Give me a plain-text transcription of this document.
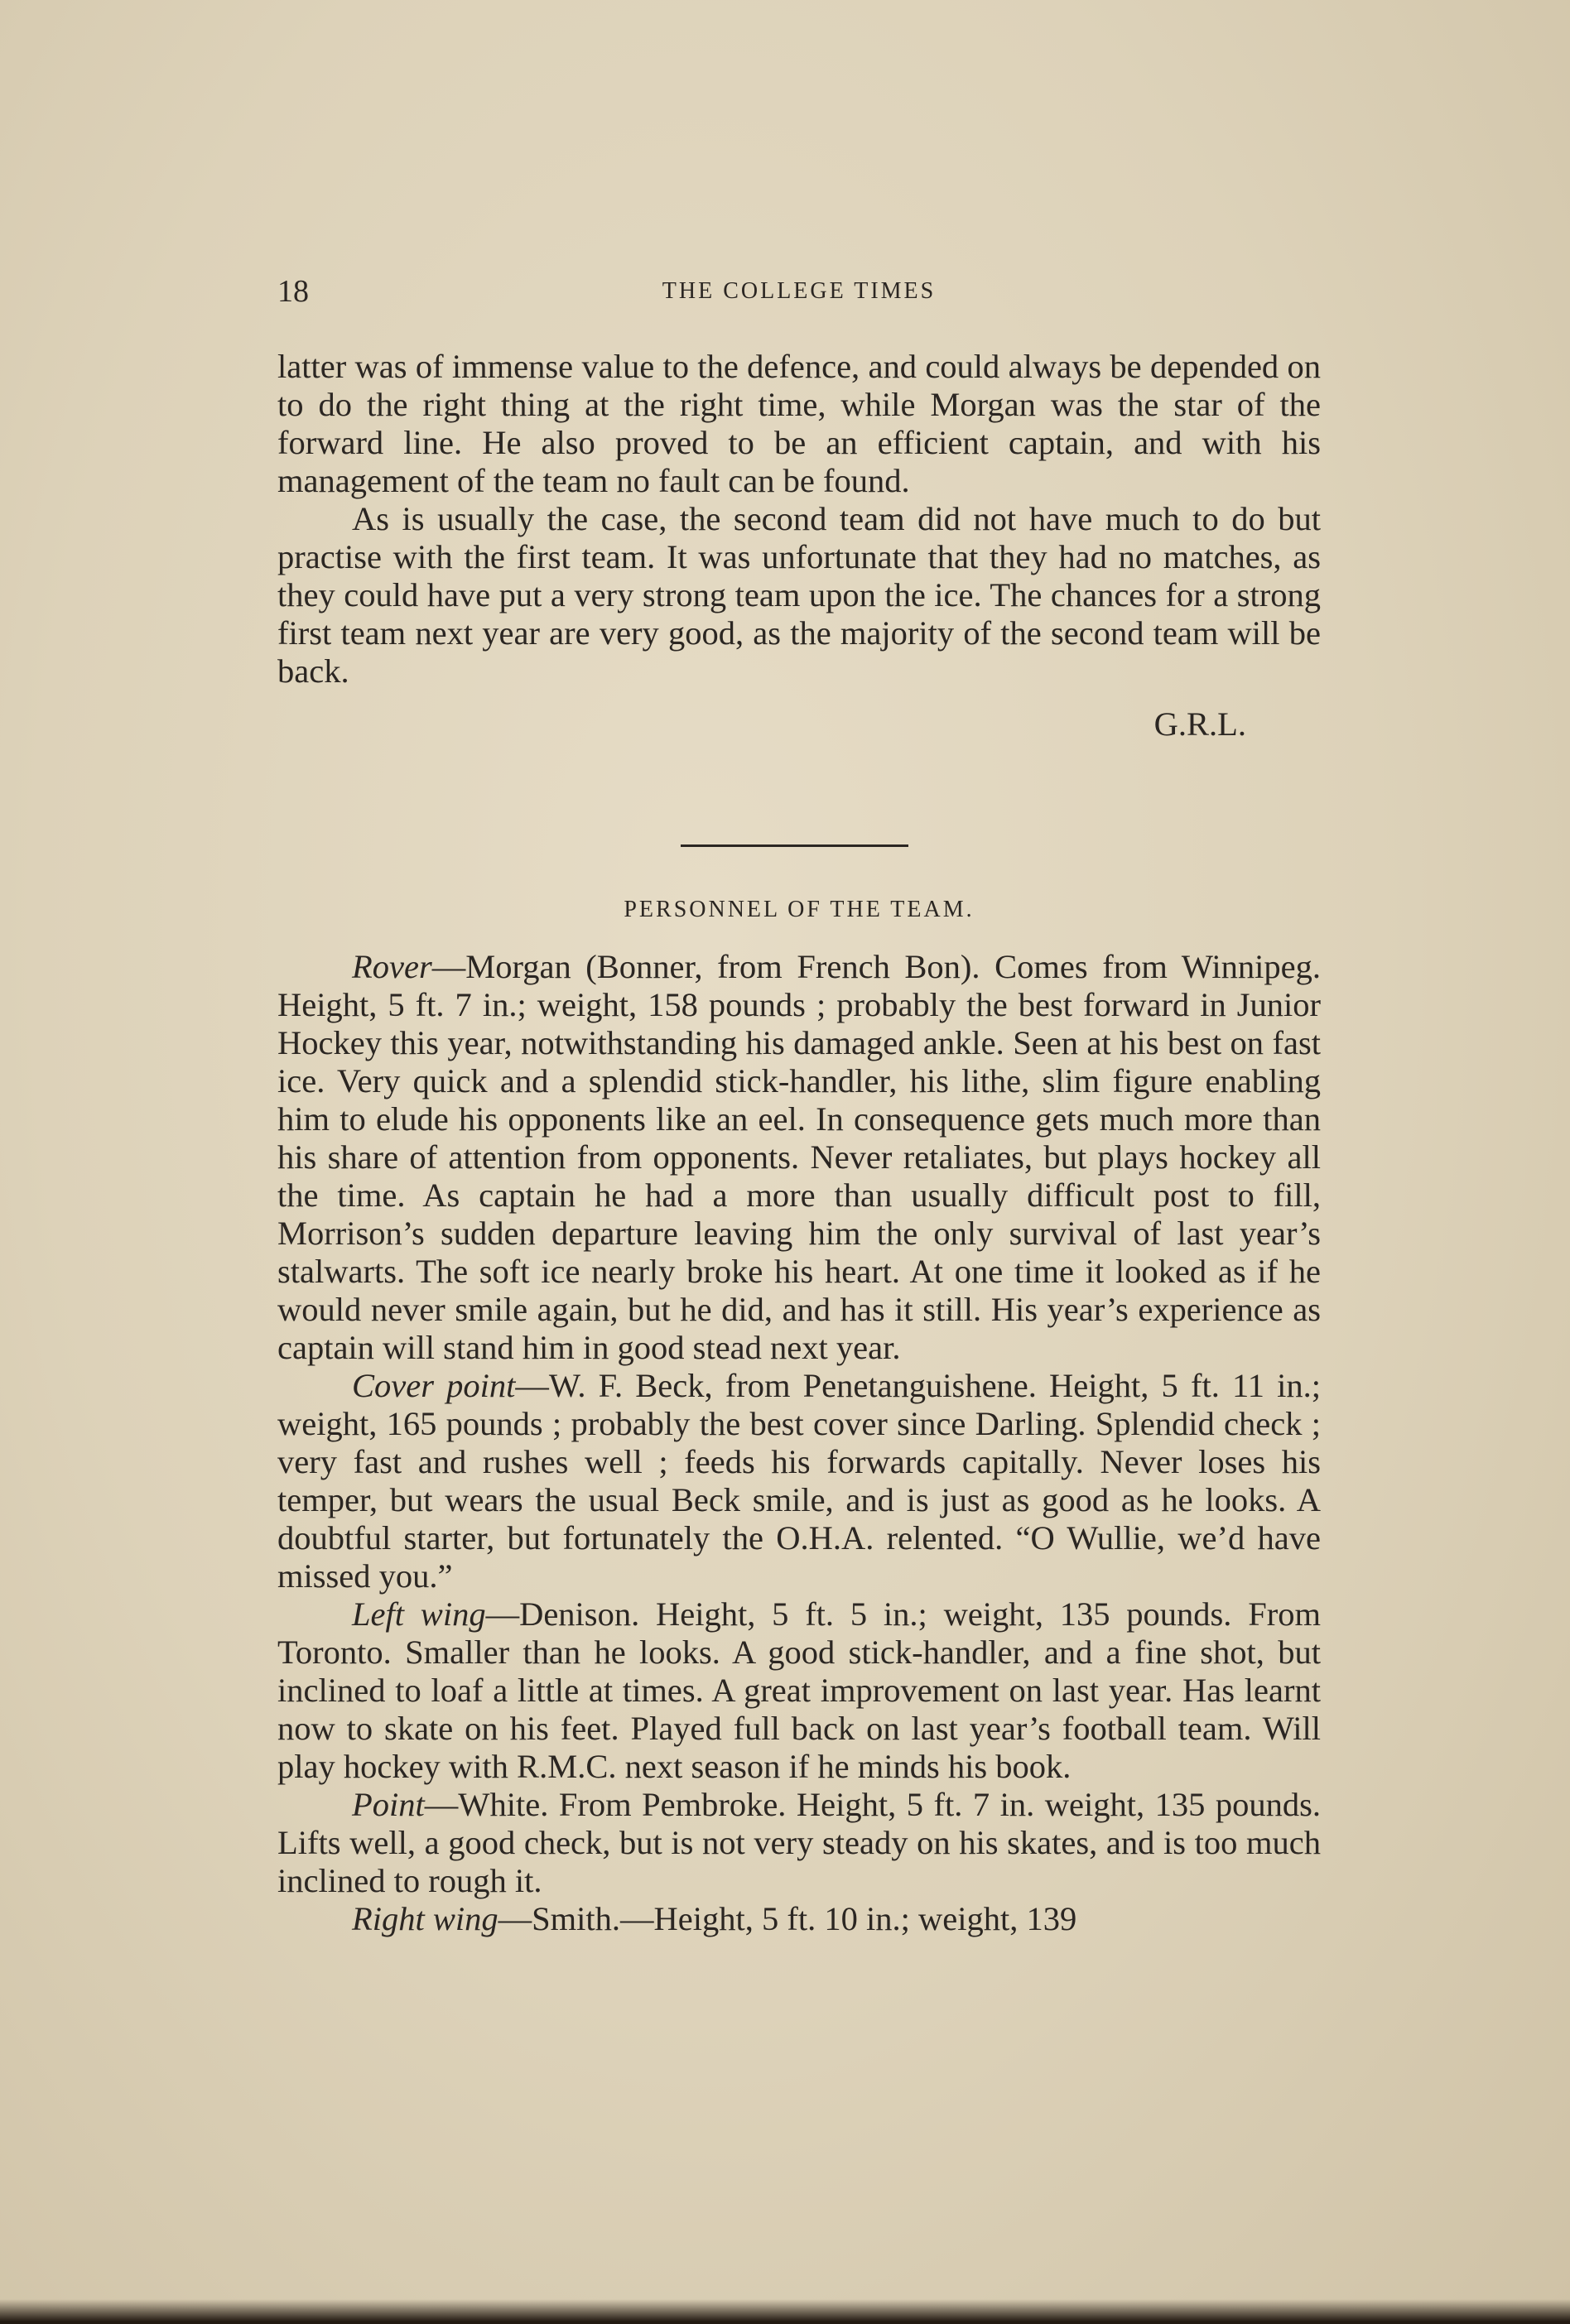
18	THE COLLEGE TIMES

latter was of immense value to the defence, and could always be depended on to do the right thing at the right time, while Morgan was the star of the forward line. He also proved to be an efficient captain, and with his management of the team no fault can be found.

As is usually the case, the second team did not have much to do but practise with the first team. It was unfortunate that they had no matches, as they could have put a very strong team upon the ice. The chances for a strong first team next year are very good, as the majority of the second team will be back.

G.R.L.

PERSONNEL OF THE TEAM.

Rover—Morgan (Bonner, from French Bon). Comes from Winnipeg. Height, 5 ft. 7 in.; weight, 158 pounds ; probably the best forward in Junior Hockey this year, notwithstanding his damaged ankle. Seen at his best on fast ice. Very quick and a splendid stick-handler, his lithe, slim figure enabling him to elude his opponents like an eel. In consequence gets much more than his share of attention from opponents. Never retaliates, but plays hockey all the time. As captain he had a more than usually difficult post to fill, Morrison’s sudden departure leaving him the only survival of last year’s stalwarts. The soft ice nearly broke his heart. At one time it looked as if he would never smile again, but he did, and has it still. His year’s experience as captain will stand him in good stead next year.

Cover point—W. F. Beck, from Penetanguishene. Height, 5 ft. 11 in.; weight, 165 pounds ; probably the best cover since Darling. Splendid check ; very fast and rushes well ; feeds his forwards capitally. Never loses his temper, but wears the usual Beck smile, and is just as good as he looks. A doubtful starter, but fortunately the O.H.A. relented. “O Wullie, we’d have missed you.”

Left wing—Denison. Height, 5 ft. 5 in.; weight, 135 pounds. From Toronto. Smaller than he looks. A good stick-handler, and a fine shot, but inclined to loaf a little at times. A great improvement on last year. Has learnt now to skate on his feet. Played full back on last year’s football team. Will play hockey with R.M.C. next season if he minds his book.

Point—White. From Pembroke. Height, 5 ft. 7 in. weight, 135 pounds. Lifts well, a good check, but is not very steady on his skates, and is too much inclined to rough it.

Right wing—Smith.—Height, 5 ft. 10 in.; weight, 139
